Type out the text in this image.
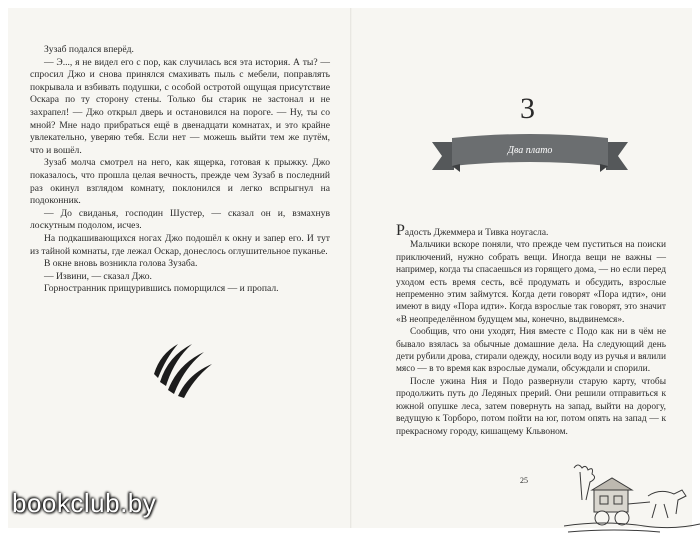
Зузаб подался вперёд.

— Э..., я не видел его с пор, как случилась вся эта история. А ты? — спросил Джо и снова принялся смахивать пыль с мебели, поправлять покрывала и взбивать подушки, с особой остротой ощущая присутствие Оскара по ту сторону стены. Только бы старик не застонал и не захрапел! — Джо открыл дверь и остановился на пороге. — Ну, ты со мной? Мне надо прибраться ещё в двенадцати комнатах, и это крайне увлекательно, уверяю тебя. Если нет — можешь выйти тем же путём, что и вошёл.

Зузаб молча смотрел на него, как ящерка, готовая к прыжку. Джо показалось, что прошла целая вечность, прежде чем Зузаб в последний раз окинул взглядом комнату, поклонился и легко вспрыгнул на подоконник.

— До свиданья, господин Шустер, — сказал он и, взмахнув лоскутным подолом, исчез.

На подкашивающихся ногах Джо подошёл к окну и запер его. И тут из тайной комнаты, где лежал Оскар, донеслось оглушительное пуканье.

В окне вновь возникла голова Зузаба.

— Извини, — сказал Джо.

Горностранник прищурившись поморщился — и пропал.

3
Два плато

Радость Джеммера и Тивка ноугасла.

Мальчики вскоре поняли, что прежде чем пуститься на поиски приключений, нужно собрать вещи. Иногда вещи не важны — например, когда ты спасаешься из горящего дома, — но если перед уходом есть время сесть, всё продумать и обсудить, взрослые непременно этим займутся. Когда дети говорят «Пора идти», они имеют в виду «Пора идти». Когда взрослые так говорят, это значит «В неопределённом будущем мы, конечно, выдвинемся».

Сообщив, что они уходят, Ния вместе с Подо как ни в чём не бывало взялась за обычные домашние дела. На следующий день дети рубили дрова, стирали одежду, носили воду из ручья и вялили мясо — в то время как взрослые думали, обсуждали и спорили.

После ужина Ния и Подо развернули старую карту, чтобы продолжить путь до Ледяных прерий. Они решили отправиться к южной опушке леса, затем повернуть на запад, выйти на дорогу, ведущую к Торборо, потом пойти на юг, потом опять на запад — к прекрасному городу, кишащему Кльвоном.

25
bookclub.by
